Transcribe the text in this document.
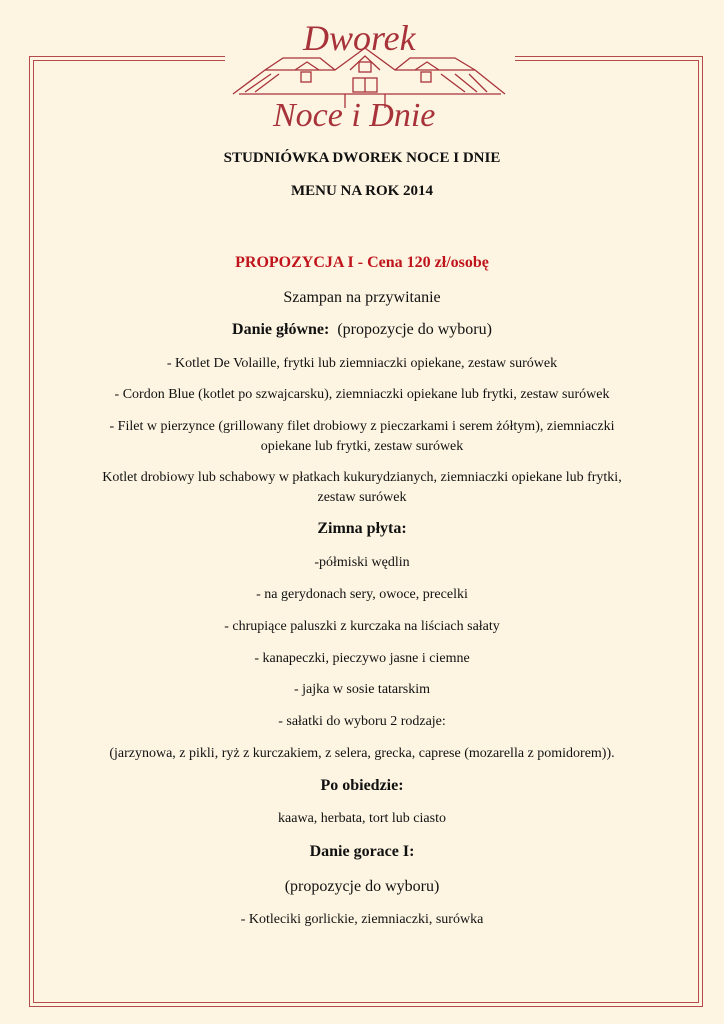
Dworek
Noce i Dnie
STUDNIÓWKA DWOREK NOCE I DNIE
MENU NA ROK 2014
PROPOZYCJA I - Cena 120 zł/osobę
Szampan na przywitanie
Danie główne: (propozycje do wyboru)
- Kotlet De Volaille, frytki lub ziemniaczki opiekane, zestaw surówek
- Cordon Blue (kotlet po szwajcarsku), ziemniaczki opiekane lub frytki, zestaw surówek
- Filet w pierzynce (grillowany filet drobiowy z pieczarkami i serem żółtym), ziemniaczki
opiekane lub frytki, zestaw surówek
Kotlet drobiowy lub schabowy w płatkach kukurydzianych, ziemniaczki opiekane lub frytki,
zestaw surówek
Zimna płyta:
-półmiski wędlin
- na gerydonach sery, owoce, precelki
- chrupiące paluszki z kurczaka na liściach sałaty
- kanapeczki, pieczywo jasne i ciemne
- jajka w sosie tatarskim
- sałatki do wyboru 2 rodzaje:
(jarzynowa, z pikli, ryż z kurczakiem, z selera, grecka, caprese (mozarella z pomidorem)).
Po obiedzie:
kaawa, herbata, tort lub ciasto
Danie gorace I:
(propozycje do wyboru)
- Kotleciki gorlickie, ziemniaczki, surówka
